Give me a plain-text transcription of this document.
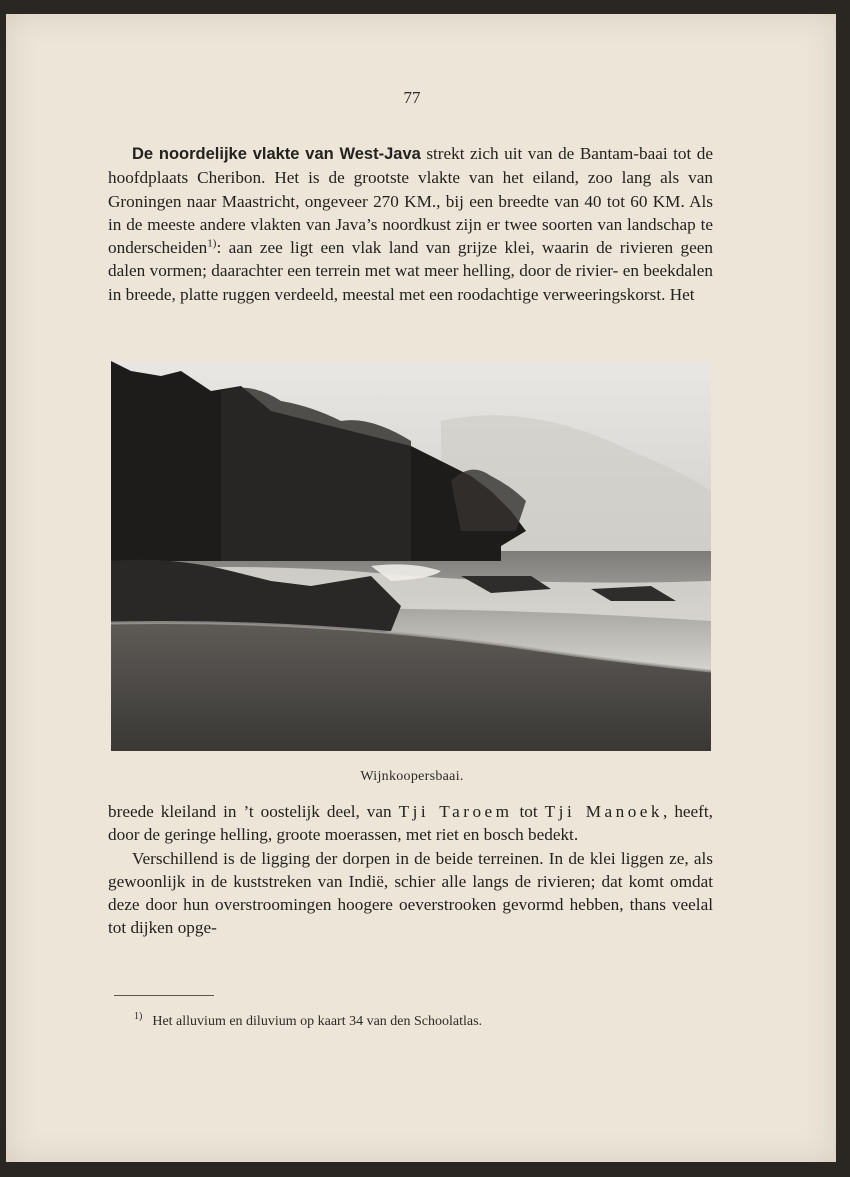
77

De noordelijke vlakte van West-Java strekt zich uit van de Bantam-baai tot de hoofdplaats Cheribon. Het is de grootste vlakte van het eiland, zoo lang als van Groningen naar Maastricht, ongeveer 270 KM., bij een breedte van 40 tot 60 KM. Als in de meeste andere vlakten van Java’s noordkust zijn er twee soorten van landschap te onderscheiden$^{1)}$: aan zee ligt een vlak land van grijze klei, waarin de rivieren geen dalen vormen; daarachter een terrein met wat meer helling, door de rivier- en beekdalen in breede, platte ruggen verdeeld, meestal met een roodachtige verweeringskorst. Het

Wijnkoopersbaai.

breede kleiland in ’t oostelijk deel, van Tji Taroem tot Tji Manoek, heeft, door de geringe helling, groote moerassen, met riet en bosch bedekt.

Verschillend is de ligging der dorpen in de beide terreinen. In de klei liggen ze, als gewoonlijk in de kuststreken van Indië, schier alle langs de rivieren; dat komt omdat deze door hun overstroomingen hoogere oeverstrooken gevormd hebben, thans veelal tot dijken opge-

$^{1)}$ Het alluvium en diluvium op kaart 34 van den Schoolatlas.
